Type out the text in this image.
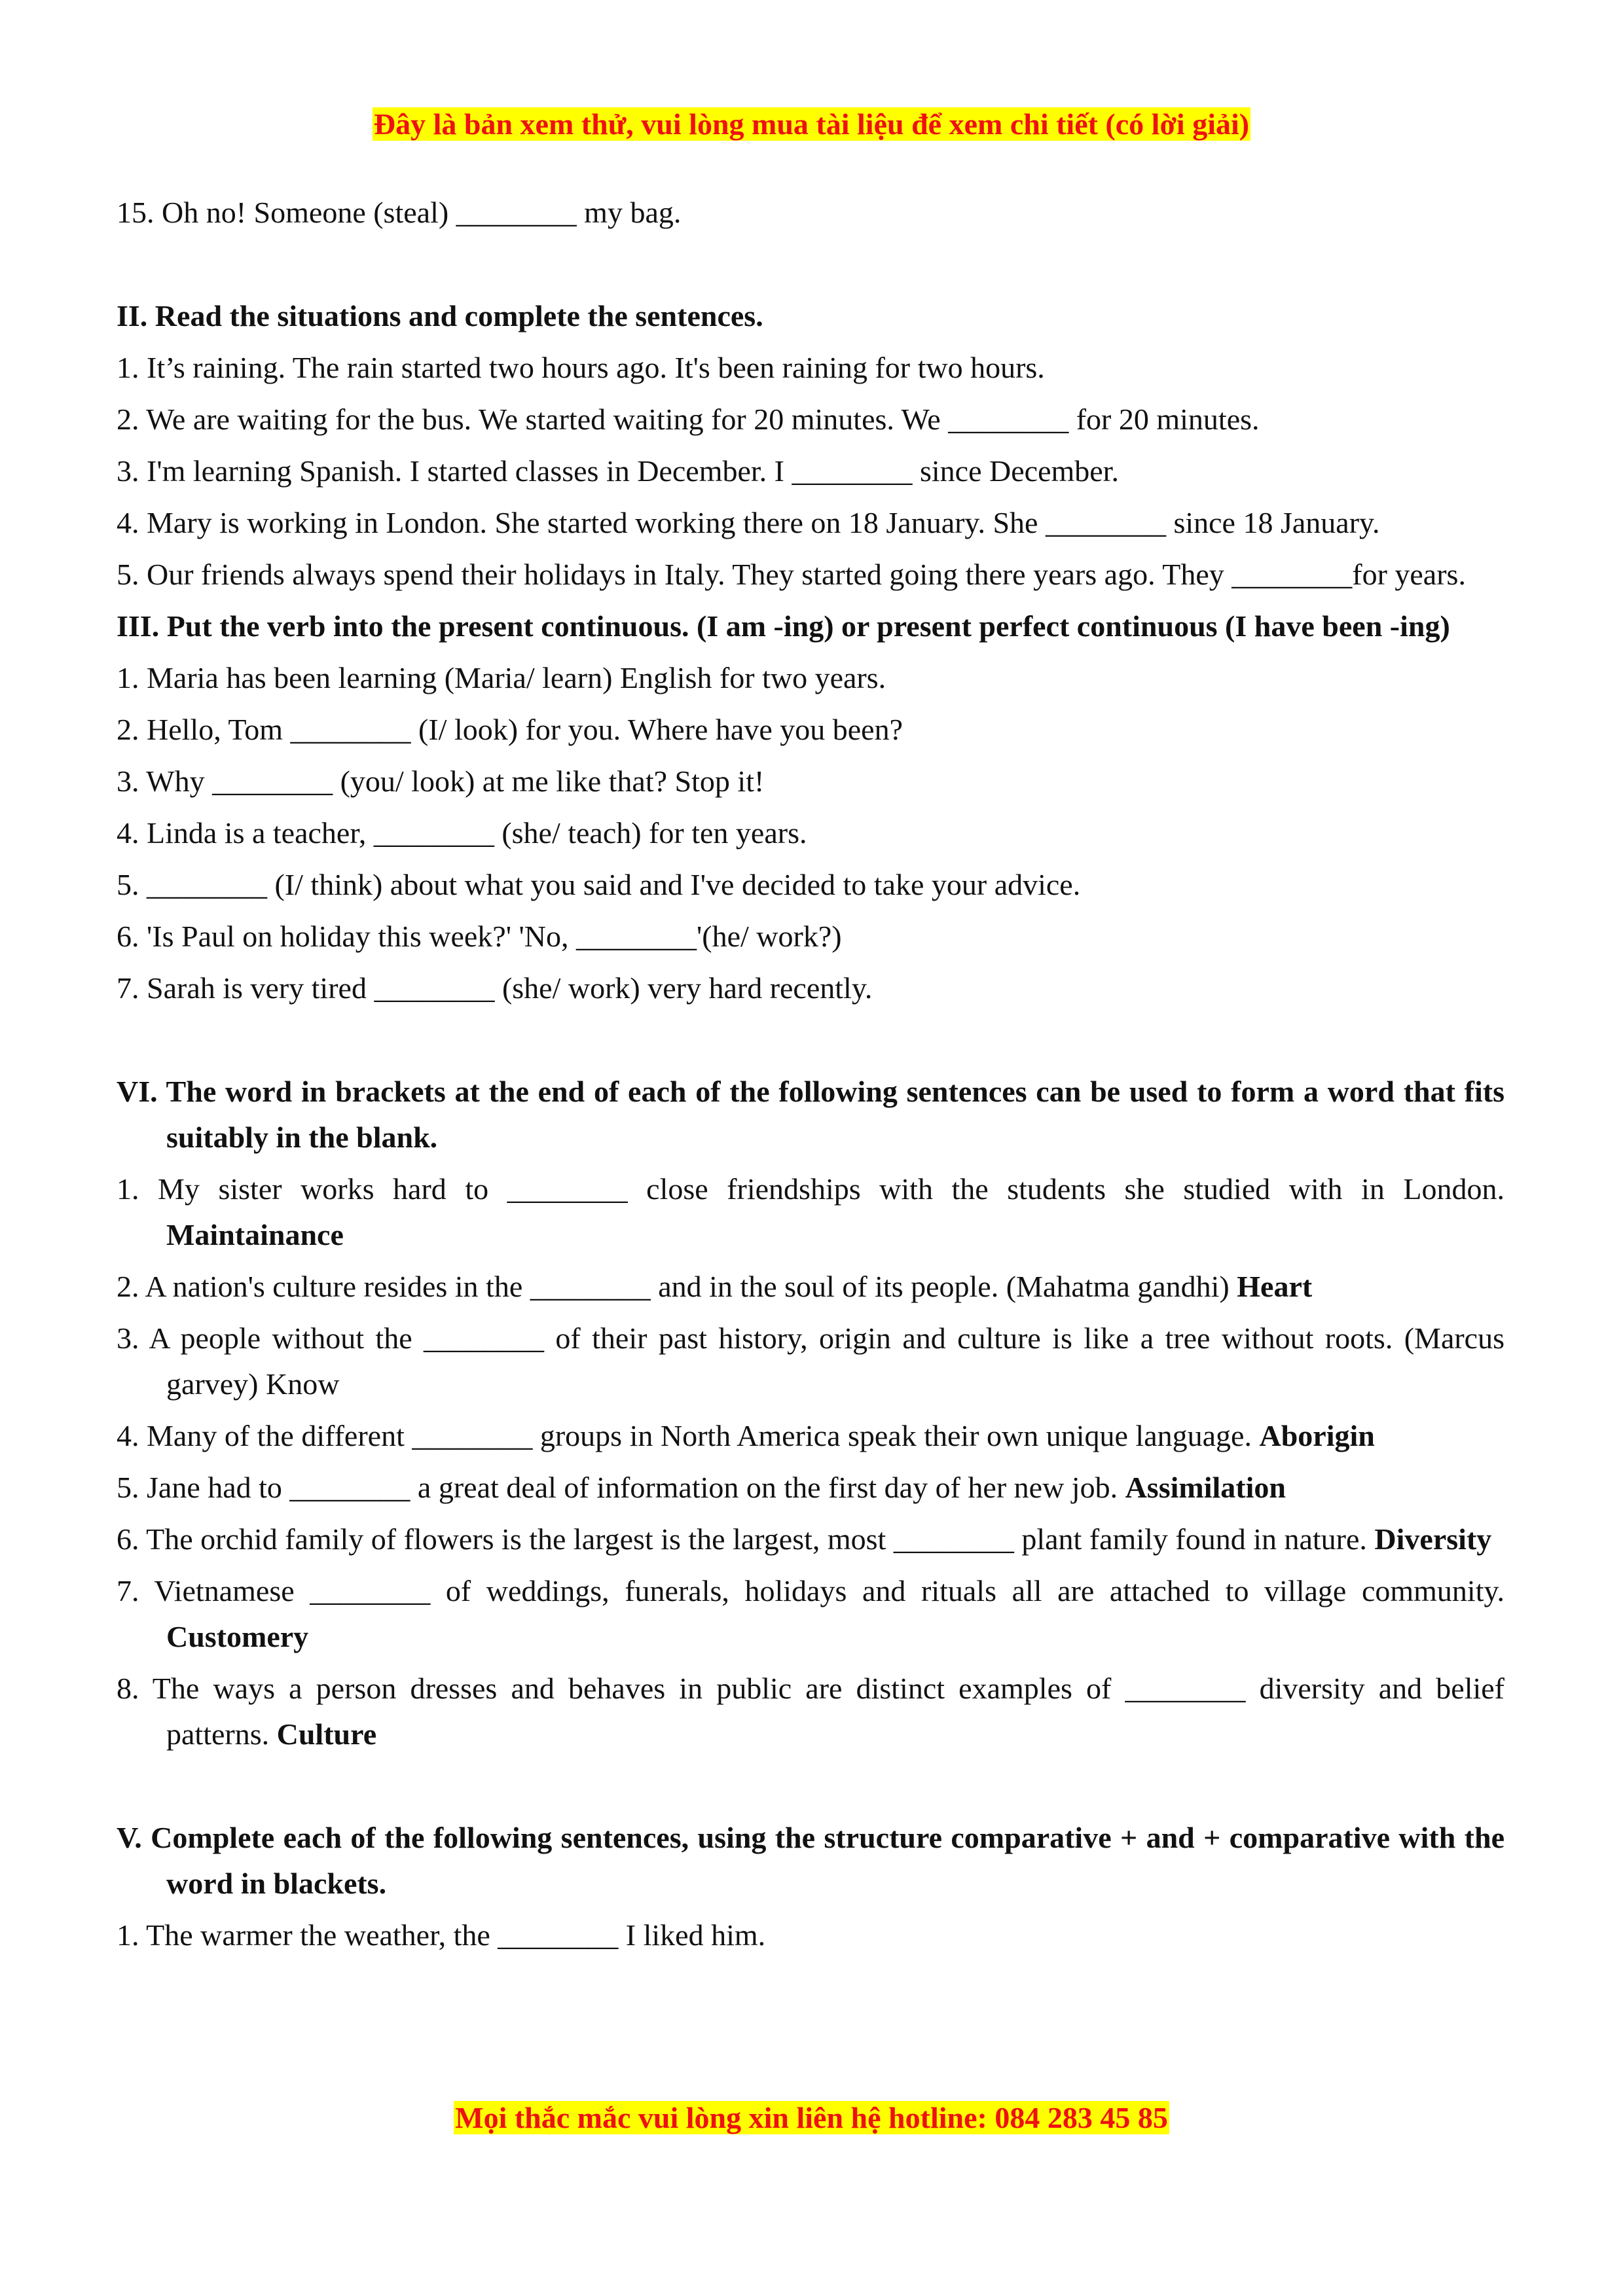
Đây là bản xem thử, vui lòng mua tài liệu để xem chi tiết (có lời giải)
15. Oh no! Someone (steal) ________ my bag.
II. Read the situations and complete the sentences.
1. It’s raining. The rain started two hours ago. It's been raining for two hours.
2. We are waiting for the bus. We started waiting for 20 minutes. We ________ for 20 minutes.
3. I'm learning Spanish. I started classes in December. I ________ since December.
4. Mary is working in London. She started working there on 18 January. She ________ since 18 January.
5. Our friends always spend their holidays in Italy. They started going there years ago. They ________for years.
III. Put the verb into the present continuous. (I am -ing) or present perfect continuous (I have been -ing)
1. Maria has been learning (Maria/ learn) English for two years.
2. Hello, Tom ________ (I/ look) for you. Where have you been?
3. Why ________ (you/ look) at me like that? Stop it!
4. Linda is a teacher, ________ (she/ teach) for ten years.
5. ________ (I/ think) about what you said and I've decided to take your advice.
6. 'Is Paul on holiday this week?' 'No, ________'(he/ work?)
7. Sarah is very tired ________ (she/ work) very hard recently.
VI. The word in brackets at the end of each of the following sentences can be used to form a word that fits suitably in the blank.
1. My sister works hard to ________ close friendships with the students she studied with in London. Maintainance
2. A nation's culture resides in the ________ and in the soul of its people. (Mahatma gandhi) Heart
3. A people without the ________ of their past history, origin and culture is like a tree without roots. (Marcus garvey) Know
4. Many of the different ________ groups in North America speak their own unique language. Aborigin
5. Jane had to ________ a great deal of information on the first day of her new job. Assimilation
6. The orchid family of flowers is the largest is the largest, most ________ plant family found in nature. Diversity
7. Vietnamese ________ of weddings, funerals, holidays and rituals all are attached to village community. Customery
8. The ways a person dresses and behaves in public are distinct examples of ________ diversity and belief patterns. Culture
V. Complete each of the following sentences, using the structure comparative + and + comparative with the word in blackets.
1. The warmer the weather, the ________ I liked him.
Mọi thắc mắc vui lòng xin liên hệ hotline: 084 283 45 85
